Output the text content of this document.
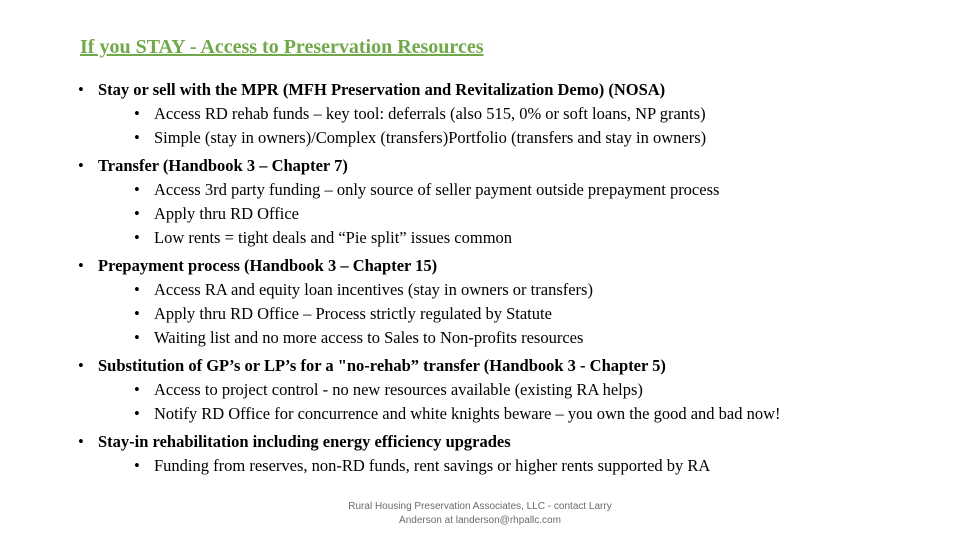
If you STAY - Access to Preservation Resources
• Stay or sell with the MPR (MFH Preservation and Revitalization Demo) (NOSA)
• Access RD rehab funds – key tool: deferrals (also 515, 0% or soft loans, NP grants)
• Simple (stay in owners)/Complex (transfers)Portfolio (transfers and stay in owners)
• Transfer (Handbook 3 – Chapter 7)
• Access 3rd party funding – only source of seller payment outside prepayment process
• Apply thru RD Office
• Low rents = tight deals and “Pie split” issues common
• Prepayment process (Handbook 3 – Chapter 15)
• Access RA and equity loan incentives (stay in owners or transfers)
• Apply thru RD Office – Process strictly regulated by Statute
• Waiting list and no more access to Sales to Non-profits resources
• Substitution of GP’s or LP’s for a "no-rehab” transfer (Handbook 3 - Chapter 5)
• Access to project control - no new resources available (existing RA helps)
• Notify RD Office for concurrence and white knights beware – you own the good and bad now!
• Stay-in rehabilitation including energy efficiency upgrades
• Funding from reserves, non-RD funds, rent savings or higher rents supported by RA
Rural Housing Preservation Associates, LLC - contact Larry
Anderson at landerson@rhpallc.com
